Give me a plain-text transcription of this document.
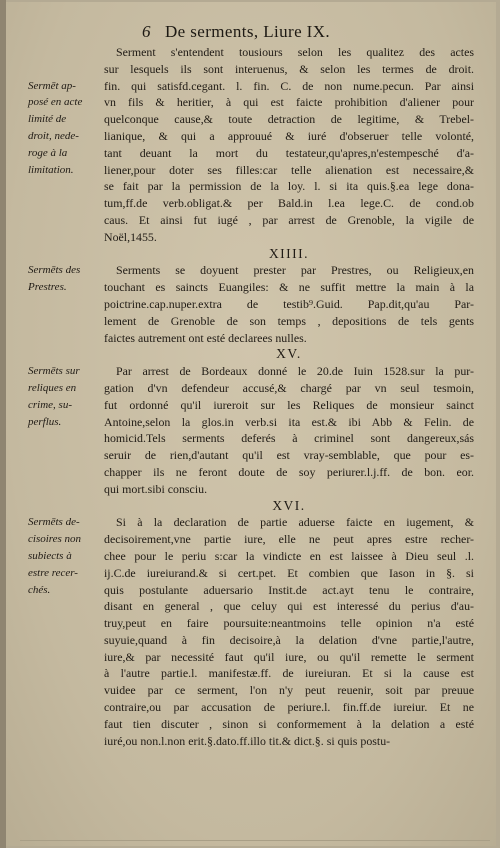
6 De serments, Liure IX.
Serment s'entendent tousiours selon les qualitez des actes
sur lesquels ils sont interuenus, & selon les termes de droit.
fin. qui satisfd.cegant. l. fin. C. de non nume.pecun. Par ainsi
vn fils & heritier, à qui est faicte prohibition d'aliener pour
quelconque cause,& toute detraction de legitime, & Trebel-
lianique, & qui a approuué & iuré d'obseruer telle volonté,
tant deuant la mort du testateur,qu'apres,n'estempesché d'a-
liener,pour doter ses filles:car telle alienation est necessaire,&
se fait par la permission de la loy. l. si ita quis.§.ea lege dona-
tum,ff.de verb.obligat.& per Bald.in l.ea lege.C. de cond.ob
caus. Et ainsi fut iugé , par arrest de Grenoble, la vigile de
Noël,1455.
XIIII.
Serments se doyuent prester par Prestres, ou Religieux,en
touchant es saincts Euangiles: & ne suffit mettre la main à la
poictrine.cap.nuper.extra de testib⁹.Guid. Pap.dit,qu'au Par-
lement de Grenoble de son temps , depositions de tels gents
faictes autrement ont esté declarees nulles.
XV.
Par arrest de Bordeaux donné le 20.de Iuin 1528.sur la pur-
gation d'vn defendeur accusé,& chargé par vn seul tesmoin,
fut ordonné qu'il iureroit sur les Reliques de monsieur sainct
Antoine,selon la glos.in verb.si ita est.& ibi Abb & Felin. de
homicid.Tels serments deferés à criminel sont dangereux,sás
seruir de rien,d'autant qu'il est vray-semblable, que pour es-
chapper ils ne feront doute de soy periurer.l.j.ff. de bon. eor.
qui mort.sibi consciu.
XVI.
Si à la declaration de partie aduerse faicte en iugement, &
decisoirement,vne partie iure, elle ne peut apres estre recher-
chee pour le periu s:car la vindicte en est laissee à Dieu seul .l.
ij.C.de iureiurand.& si cert.pet. Et combien que Iason in §. si
quis postulante aduersario Instit.de act.ayt tenu le contraire,
disant en general , que celuy qui est interessé du perius d'au-
truy,peut en faire poursuite:neantmoins telle opinion n'a esté
suyuie,quand à fin decisoire,à la delation d'vne partie,l'autre,
iure,& par necessité faut qu'il iure, ou qu'il remette le serment
à l'autre partie.l. manifestæ.ff. de iureiuran. Et si la cause est
vuidee par ce serment, l'on n'y peut reuenir, soit par preuue
contraire,ou par accusation de periure.l. fin.ff.de iureiur. Et ne
faut tien discuter , sinon si conformement à la delation a esté
iuré,ou non.l.non erit.§.dato.ff.illo tit.& dict.§. si quis postu-
Sermēt ap-
posé en acte
limité de
droit, nede-
roge à la
limitation.
Sermēts des
Prestres.
Sermēts sur
reliques en
crime, su-
perflus.
Sermēts de-
cisoires non
subiects à
estre recer-
chés.
